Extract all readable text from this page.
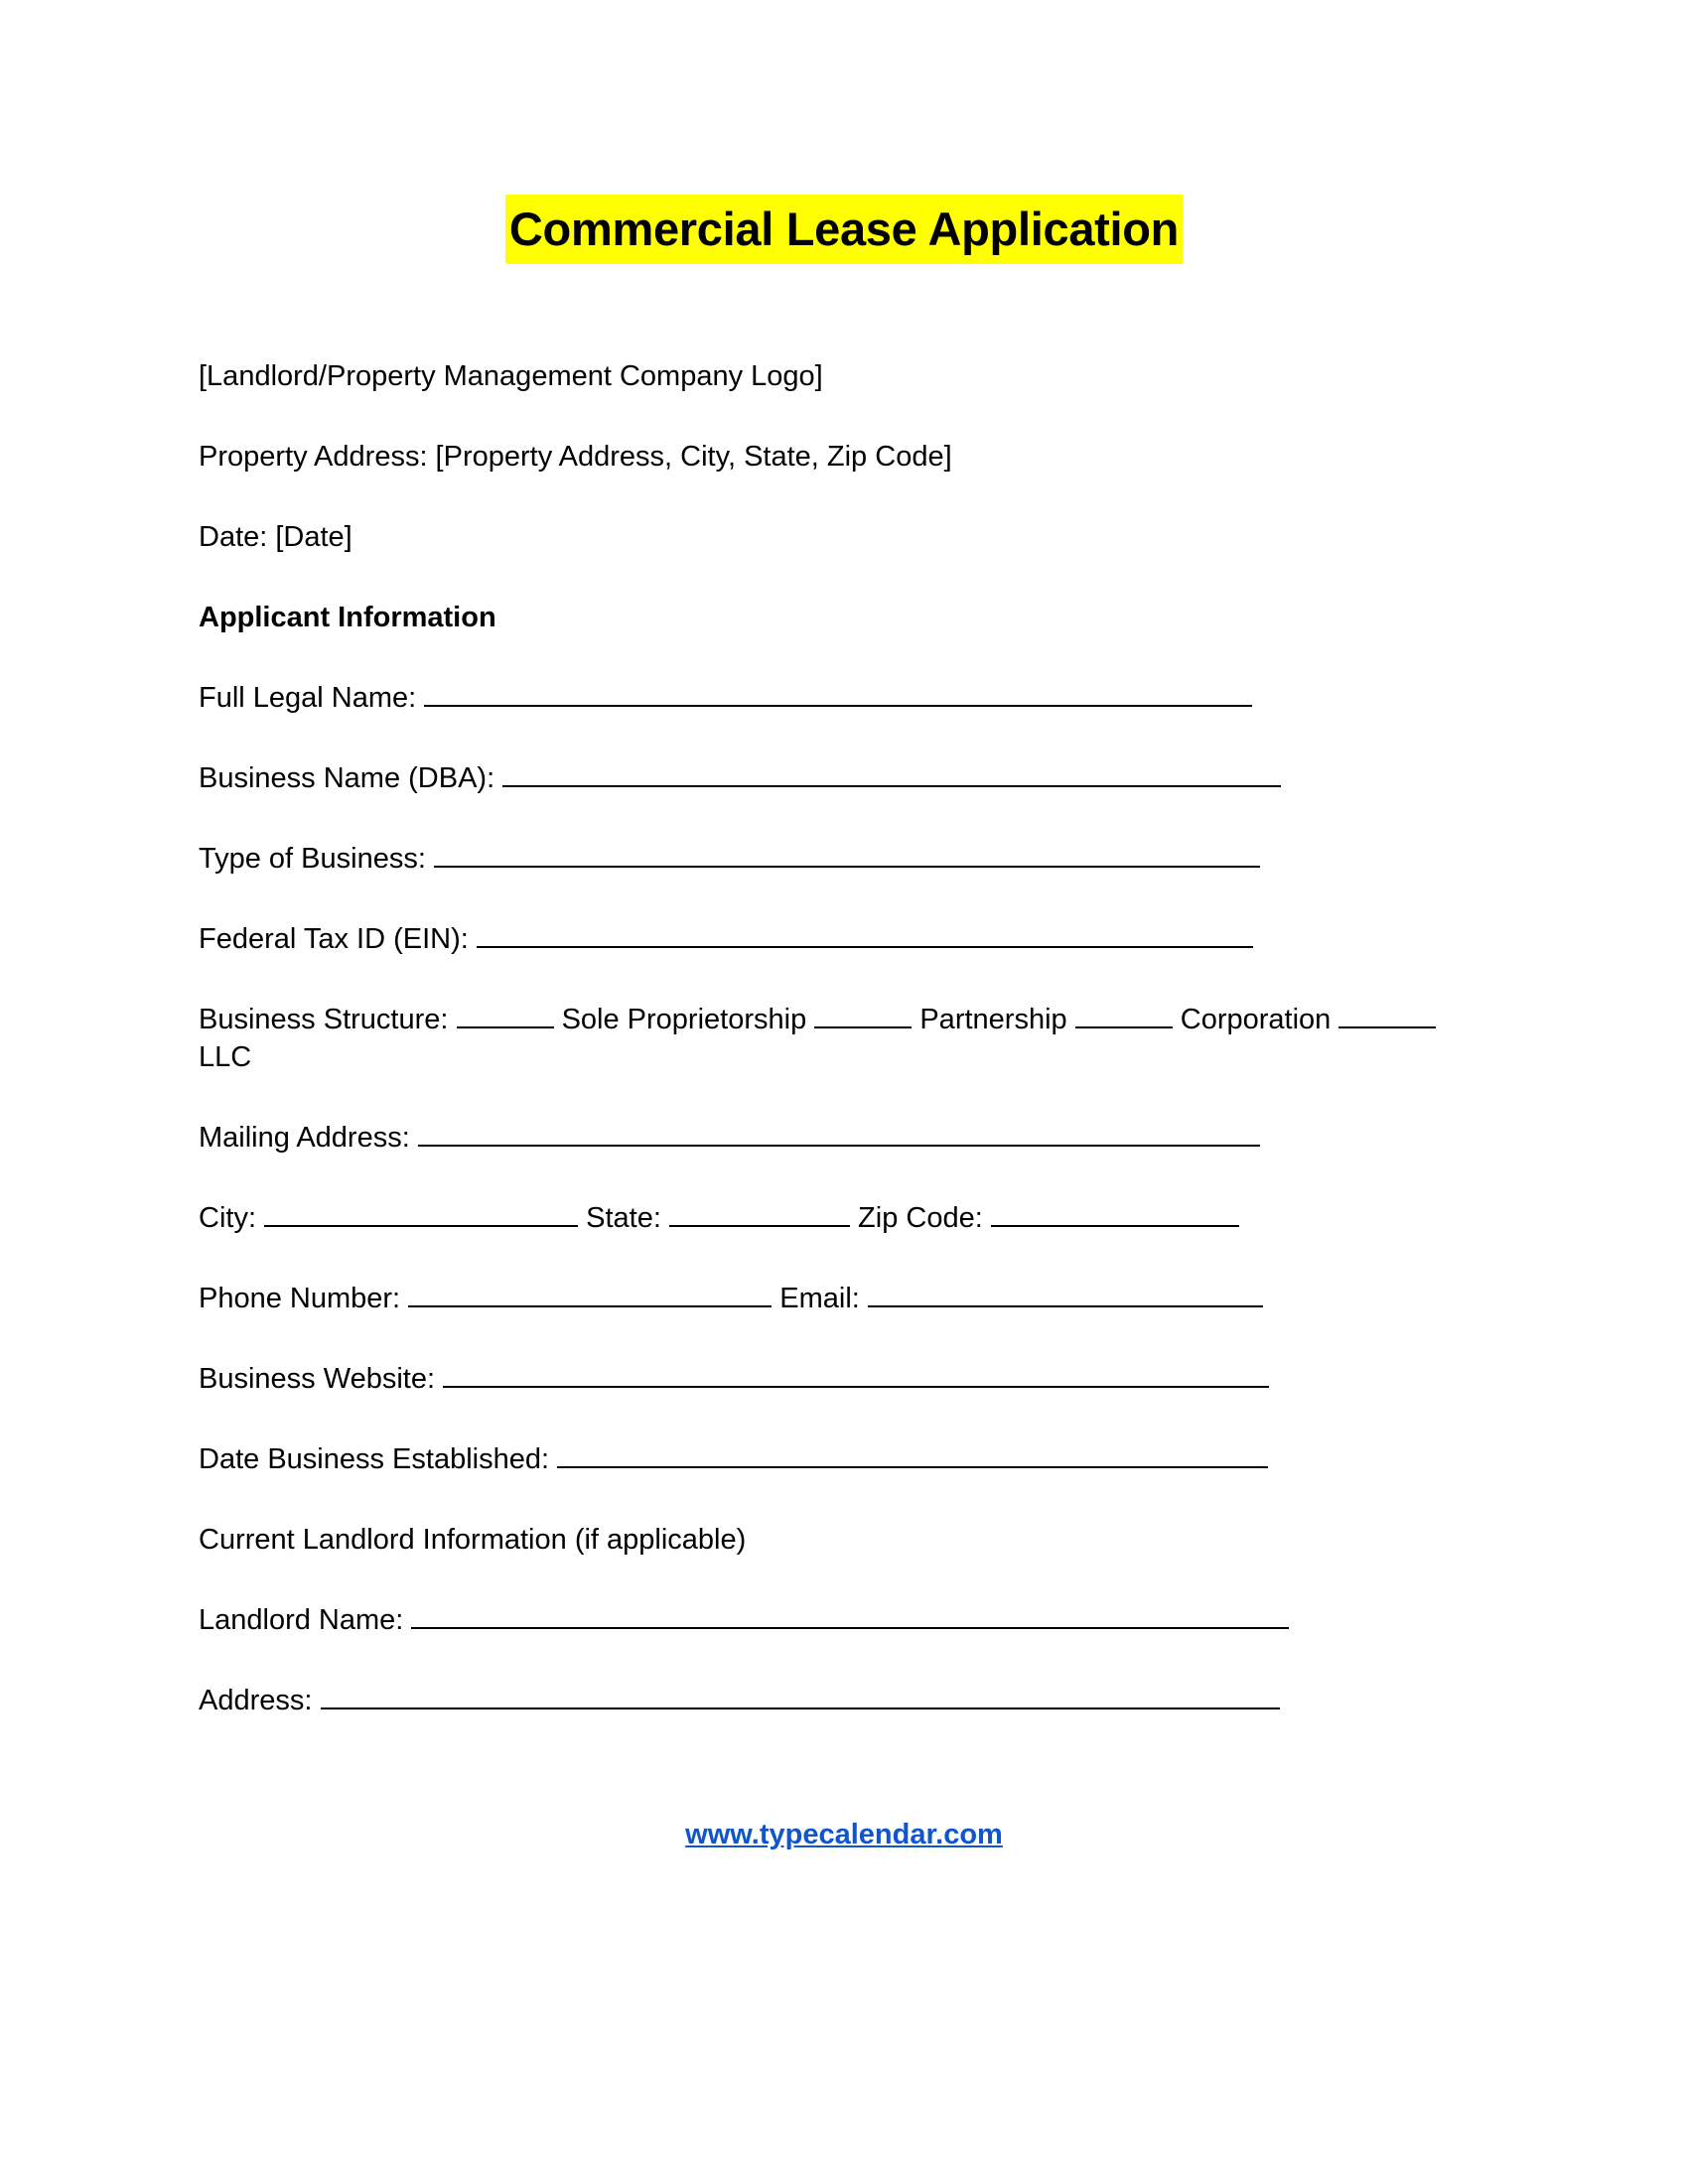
Commercial Lease Application

[Landlord/Property Management Company Logo]

Property Address: [Property Address, City, State, Zip Code]

Date: [Date]

Applicant Information

Full Legal Name:

Business Name (DBA):

Type of Business:

Federal Tax ID (EIN):

Business Structure:	Sole Proprietorship	Partnership	Corporation  LLC

Mailing Address:

City:	State:	Zip Code:

Phone Number:	Email:

Business Website:

Date Business Established:

Current Landlord Information (if applicable)

Landlord Name:

Address:

www.typecalendar.com
